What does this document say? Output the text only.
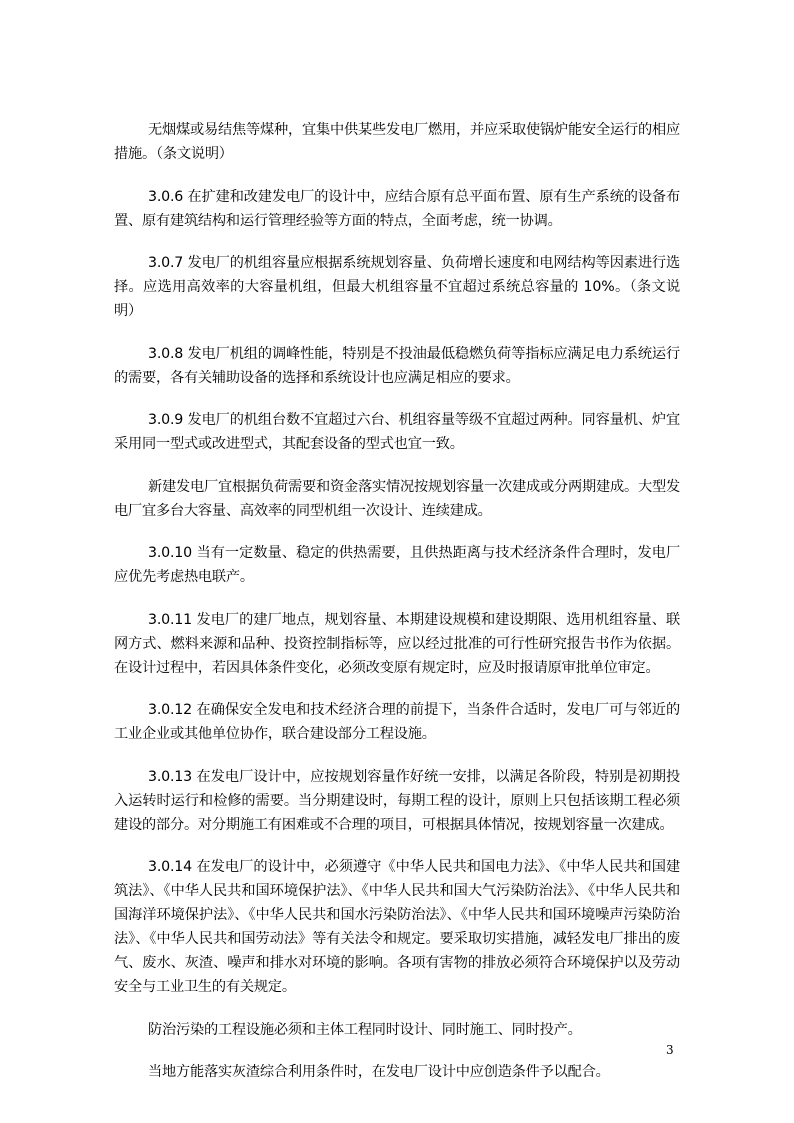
无烟煤或易结焦等煤种，宜集中供某些发电厂燃用，并应采取使锅炉能安全运行的相应措施。（条文说明）

3.0.6 在扩建和改建发电厂的设计中，应结合原有总平面布置、原有生产系统的设备布置、原有建筑结构和运行管理经验等方面的特点，全面考虑，统一协调。

3.0.7 发电厂的机组容量应根据系统规划容量、负荷增长速度和电网结构等因素进行选择。应选用高效率的大容量机组，但最大机组容量不宜超过系统总容量的 10%。（条文说明）

3.0.8 发电厂机组的调峰性能，特别是不投油最低稳燃负荷等指标应满足电力系统运行的需要，各有关辅助设备的选择和系统设计也应满足相应的要求。

3.0.9 发电厂的机组台数不宜超过六台、机组容量等级不宜超过两种。同容量机、炉宜采用同一型式或改进型式，其配套设备的型式也宜一致。

新建发电厂宜根据负荷需要和资金落实情况按规划容量一次建成或分两期建成。大型发电厂宜多台大容量、高效率的同型机组一次设计、连续建成。

3.0.10 当有一定数量、稳定的供热需要，且供热距离与技术经济条件合理时，发电厂应优先考虑热电联产。

3.0.11 发电厂的建厂地点，规划容量、本期建设规模和建设期限、选用机组容量、联网方式、燃料来源和品种、投资控制指标等，应以经过批准的可行性研究报告书作为依据。在设计过程中，若因具体条件变化，必须改变原有规定时，应及时报请原审批单位审定。

3.0.12 在确保安全发电和技术经济合理的前提下，当条件合适时，发电厂可与邻近的工业企业或其他单位协作，联合建设部分工程设施。

3.0.13 在发电厂设计中，应按规划容量作好统一安排，以满足各阶段，特别是初期投入运转时运行和检修的需要。当分期建设时，每期工程的设计，原则上只包括该期工程必须建设的部分。对分期施工有困难或不合理的项目，可根据具体情况，按规划容量一次建成。

3.0.14 在发电厂的设计中，必须遵守《中华人民共和国电力法》、《中华人民共和国建筑法》、《中华人民共和国环境保护法》、《中华人民共和国大气污染防治法》、《中华人民共和国海洋环境保护法》、《中华人民共和国水污染防治法》、《中华人民共和国环境噪声污染防治法》、《中华人民共和国劳动法》等有关法令和规定。要采取切实措施，减轻发电厂排出的废气、废水、灰渣、噪声和排水对环境的影响。各项有害物的排放必须符合环境保护以及劳动安全与工业卫生的有关规定。

防治污染的工程设施必须和主体工程同时设计、同时施工、同时投产。

当地方能落实灰渣综合利用条件时，在发电厂设计中应创造条件予以配合。

3
